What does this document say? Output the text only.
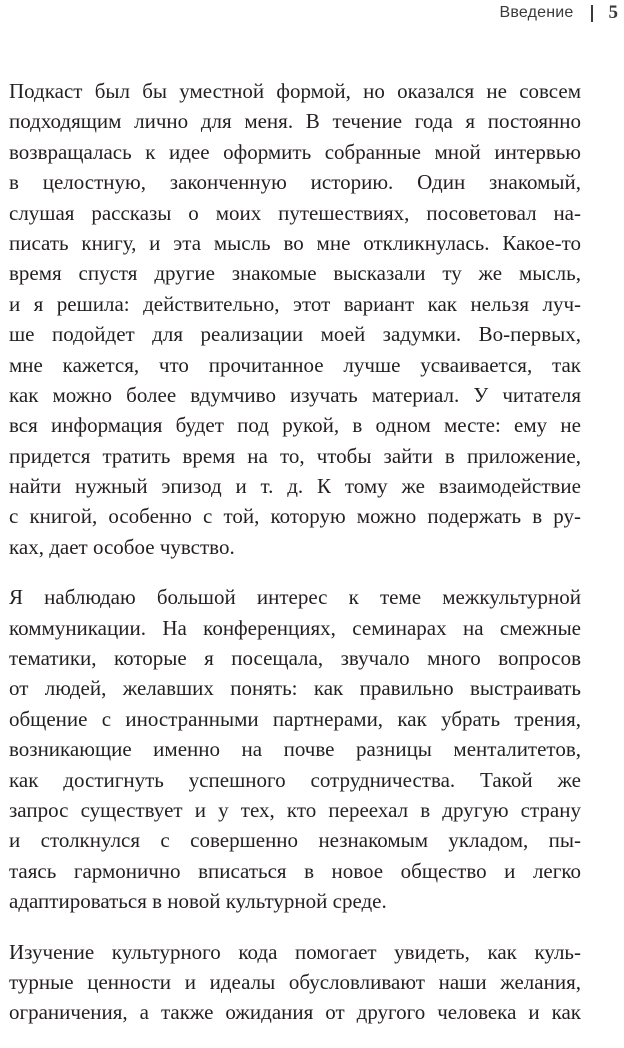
Введение 5

Подкаст был бы уместной формой, но оказался не совсем
подходящим лично для меня. В течение года я постоянно
возвращалась к идее оформить собранные мной интервью
в целостную, законченную историю. Один знакомый,
слушая рассказы о моих путешествиях, посоветовал на-
писать книгу, и эта мысль во мне откликнулась. Какое-то
время спустя другие знакомые высказали ту же мысль,
и я решила: действительно, этот вариант как нельзя луч-
ше подойдет для реализации моей задумки. Во-первых,
мне кажется, что прочитанное лучше усваивается, так
как можно более вдумчиво изучать материал. У читателя
вся информация будет под рукой, в одном месте: ему не
придется тратить время на то, чтобы зайти в приложение,
найти нужный эпизод и т. д. К тому же взаимодействие
с книгой, особенно с той, которую можно подержать в ру-
ках, дает особое чувство.

Я наблюдаю большой интерес к теме межкультурной
коммуникации. На конференциях, семинарах на смежные
тематики, которые я посещала, звучало много вопросов
от людей, желавших понять: как правильно выстраивать
общение с иностранными партнерами, как убрать трения,
возникающие именно на почве разницы менталитетов,
как достигнуть успешного сотрудничества. Такой же
запрос существует и у тех, кто переехал в другую страну
и столкнулся с совершенно незнакомым укладом, пы-
таясь гармонично вписаться в новое общество и легко
адаптироваться в новой культурной среде.

Изучение культурного кода помогает увидеть, как куль-
турные ценности и идеалы обусловливают наши желания,
ограничения, а также ожидания от другого человека и как
